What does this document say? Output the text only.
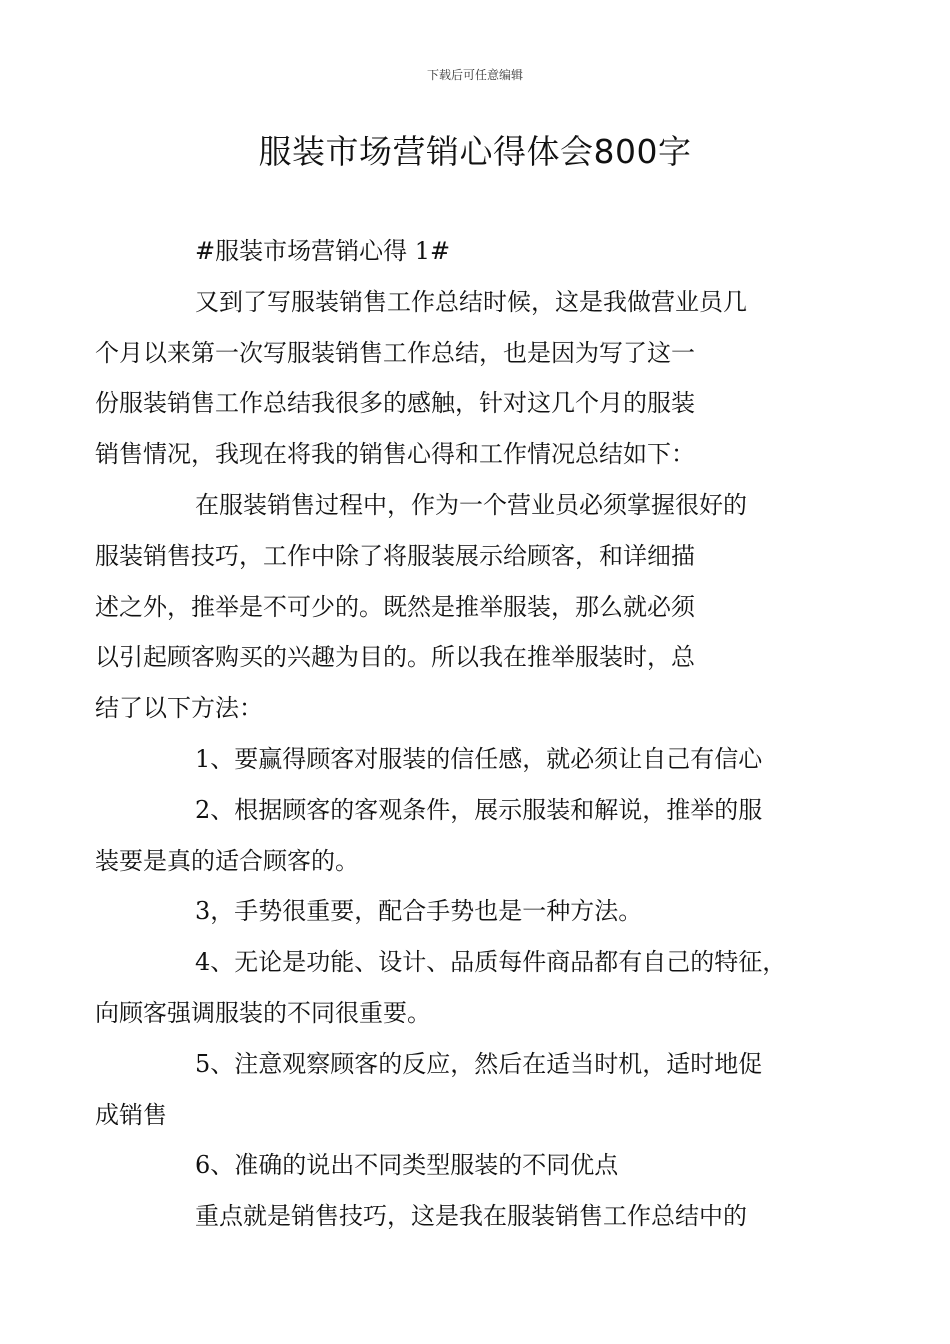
下载后可任意编辑
服装市场营销心得体会800字

#服装市场营销心得 1#

又到了写服装销售工作总结时候，这是我做营业员几
个月以来第一次写服装销售工作总结，也是因为写了这一
份服装销售工作总结我很多的感触，针对这几个月的服装
销售情况，我现在将我的销售心得和工作情况总结如下：

在服装销售过程中，作为一个营业员必须掌握很好的
服装销售技巧，工作中除了将服装展示给顾客，和详细描
述之外，推举是不可少的。既然是推举服装，那么就必须
以引起顾客购买的兴趣为目的。所以我在推举服装时，总
结了以下方法：

1、要赢得顾客对服装的信任感，就必须让自己有信心

2、根据顾客的客观条件，展示服装和解说，推举的服
装要是真的适合顾客的。

3，手势很重要，配合手势也是一种方法。

4、无论是功能、设计、品质每件商品都有自己的特征，
向顾客强调服装的不同很重要。

5、注意观察顾客的反应，然后在适当时机，适时地促
成销售

6、准确的说出不同类型服装的不同优点

重点就是销售技巧，这是我在服装销售工作总结中的
